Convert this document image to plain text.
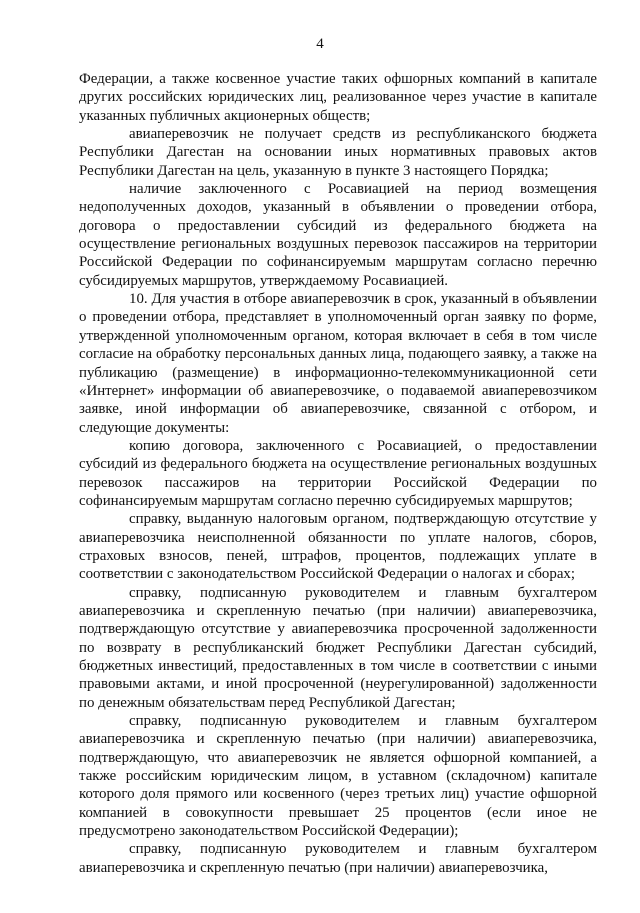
4

Федерации, а также косвенное участие таких офшорных компаний в капитале других российских юридических лиц, реализованное через участие в капитале указанных публичных акционерных обществ;

авиаперевозчик не получает средств из республиканского бюджета Республики Дагестан на основании иных нормативных правовых актов Республики Дагестан на цель, указанную в пункте 3 настоящего Порядка;

наличие заключенного с Росавиацией на период возмещения недополученных доходов, указанный в объявлении о проведении отбора, договора о предоставлении субсидий из федерального бюджета на осуществление региональных воздушных перевозок пассажиров на территории Российской Федерации по софинансируемым маршрутам согласно перечню субсидируемых маршрутов, утверждаемому Росавиацией.

10. Для участия в отборе авиаперевозчик в срок, указанный в объявлении о проведении отбора, представляет в уполномоченный орган заявку по форме, утвержденной уполномоченным органом, которая включает в себя в том числе согласие на обработку персональных данных лица, подающего заявку, а также на публикацию (размещение) в информационно-телекоммуникационной сети «Интернет» информации об авиаперевозчике, о подаваемой авиаперевозчиком заявке, иной информации об авиаперевозчике, связанной с отбором, и следующие документы:

копию договора, заключенного с Росавиацией, о предоставлении субсидий из федерального бюджета на осуществление региональных воздушных перевозок пассажиров на территории Российской Федерации по софинансируемым маршрутам согласно перечню субсидируемых маршрутов;

справку, выданную налоговым органом, подтверждающую отсутствие у авиаперевозчика неисполненной обязанности по уплате налогов, сборов, страховых взносов, пеней, штрафов, процентов, подлежащих уплате в соответствии с законодательством Российской Федерации о налогах и сборах;

справку, подписанную руководителем и главным бухгалтером авиаперевозчика и скрепленную печатью (при наличии) авиаперевозчика, подтверждающую отсутствие у авиаперевозчика просроченной задолженности по возврату в республиканский бюджет Республики Дагестан субсидий, бюджетных инвестиций, предоставленных в том числе в соответствии с иными правовыми актами, и иной просроченной (неурегулированной) задолженности по денежным обязательствам перед Республикой Дагестан;

справку, подписанную руководителем и главным бухгалтером авиаперевозчика и скрепленную печатью (при наличии) авиаперевозчика, подтверждающую, что авиаперевозчик не является офшорной компанией, а также российским юридическим лицом, в уставном (складочном) капитале которого доля прямого или косвенного (через третьих лиц) участие офшорной компанией в совокупности превышает 25 процентов (если иное не предусмотрено законодательством Российской Федерации);

справку, подписанную руководителем и главным бухгалтером авиаперевозчика и скрепленную печатью (при наличии) авиаперевозчика,
